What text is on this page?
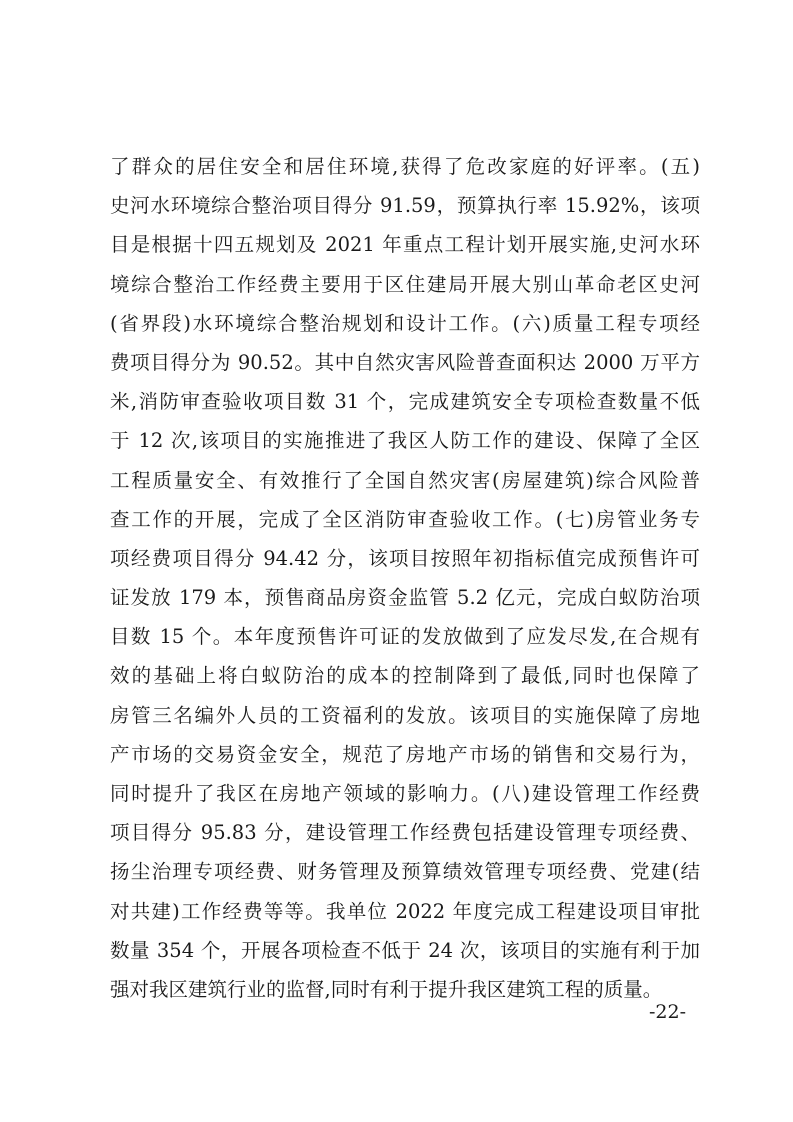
了群众的居住安全和居住环境,获得了危改家庭的好评率。(五)
史河水环境综合整治项目得分 91.59，预算执行率 15.92%，该项
目是根据十四五规划及 2021 年重点工程计划开展实施,史河水环
境综合整治工作经费主要用于区住建局开展大别山革命老区史河
(省界段)水环境综合整治规划和设计工作。(六)质量工程专项经
费项目得分为 90.52。其中自然灾害风险普查面积达 2000 万平方
米,消防审查验收项目数 31 个，完成建筑安全专项检查数量不低
于 12 次,该项目的实施推进了我区人防工作的建设、保障了全区
工程质量安全、有效推行了全国自然灾害(房屋建筑)综合风险普
查工作的开展，完成了全区消防审查验收工作。(七)房管业务专
项经费项目得分 94.42 分，该项目按照年初指标值完成预售许可
证发放 179 本，预售商品房资金监管 5.2 亿元，完成白蚁防治项
目数 15 个。本年度预售许可证的发放做到了应发尽发,在合规有
效的基础上将白蚁防治的成本的控制降到了最低,同时也保障了
房管三名编外人员的工资福利的发放。该项目的实施保障了房地
产市场的交易资金安全，规范了房地产市场的销售和交易行为，
同时提升了我区在房地产领域的影响力。(八)建设管理工作经费
项目得分 95.83 分，建设管理工作经费包括建设管理专项经费、
扬尘治理专项经费、财务管理及预算绩效管理专项经费、党建(结
对共建)工作经费等等。我单位 2022 年度完成工程建设项目审批
数量 354 个，开展各项检查不低于 24 次，该项目的实施有利于加
强对我区建筑行业的监督,同时有利于提升我区建筑工程的质量。
-22-
